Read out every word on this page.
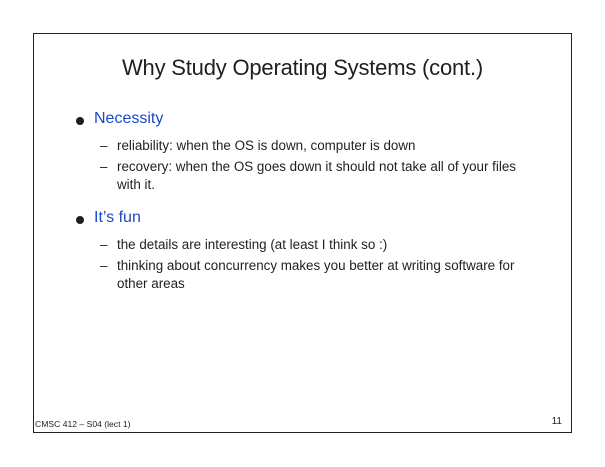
Why Study Operating Systems (cont.)
Necessity
– reliability: when the OS is down, computer is down
– recovery: when the OS goes down it should not take all of your files with it.
It’s fun
– the details are interesting (at least I think so :)
– thinking about concurrency makes you better at writing software for other areas
CMSC 412 – S04 (lect 1)	11
